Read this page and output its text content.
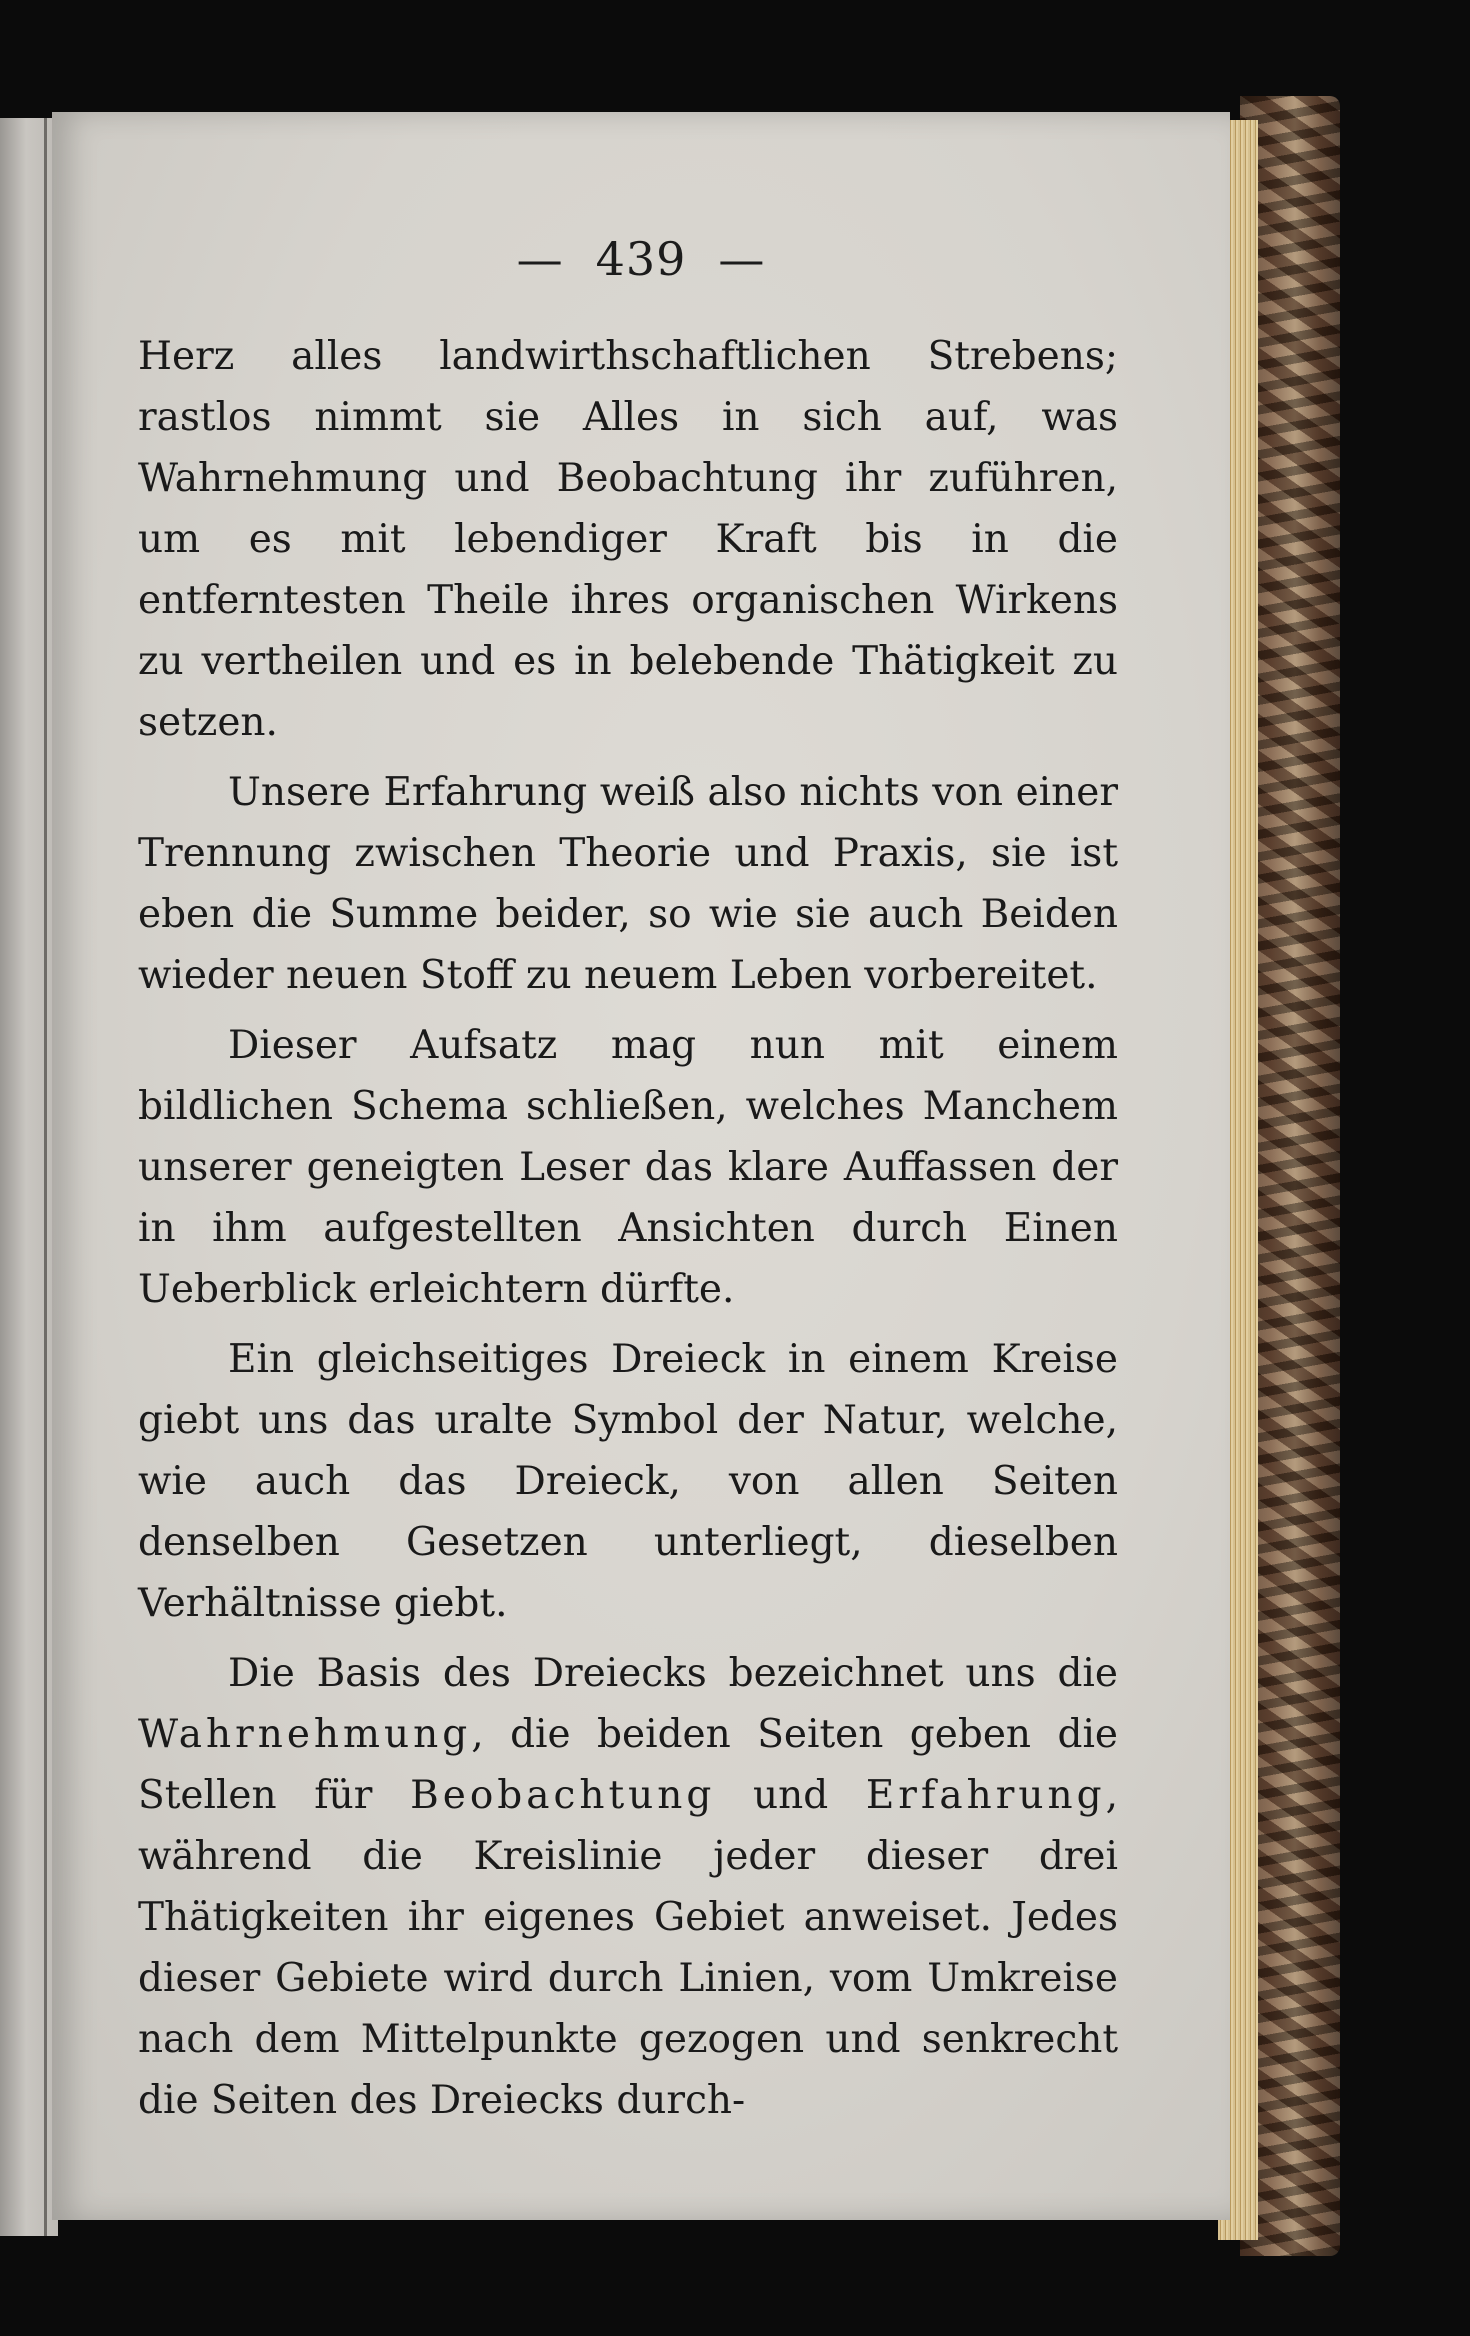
— 439 —

Herz alles landwirthschaftlichen Strebens; rastlos nimmt sie Alles in sich auf, was Wahrnehmung und Beobachtung ihr zuführen, um es mit lebendiger Kraft bis in die entferntesten Theile ihres organischen Wirkens zu vertheilen und es in belebende Thätigkeit zu setzen.

Unsere Erfahrung weiß also nichts von einer Trennung zwischen Theorie und Praxis, sie ist eben die Summe beider, so wie sie auch Beiden wieder neuen Stoff zu neuem Leben vorbereitet.

Dieser Aufsatz mag nun mit einem bildlichen Schema schließen, welches Manchem unserer geneigten Leser das klare Auffassen der in ihm aufgestellten Ansichten durch Einen Ueberblick erleichtern dürfte.

Ein gleichseitiges Dreieck in einem Kreise giebt uns das uralte Symbol der Natur, welche, wie auch das Dreieck, von allen Seiten denselben Gesetzen unterliegt, dieselben Verhältnisse giebt.

Die Basis des Dreiecks bezeichnet uns die Wahrnehmung, die beiden Seiten geben die Stellen für Beobachtung und Erfahrung, während die Kreislinie jeder dieser drei Thätigkeiten ihr eigenes Gebiet anweiset. Jedes dieser Gebiete wird durch Linien, vom Umkreise nach dem Mittelpunkte gezogen und senkrecht die Seiten des Dreiecks durch-
